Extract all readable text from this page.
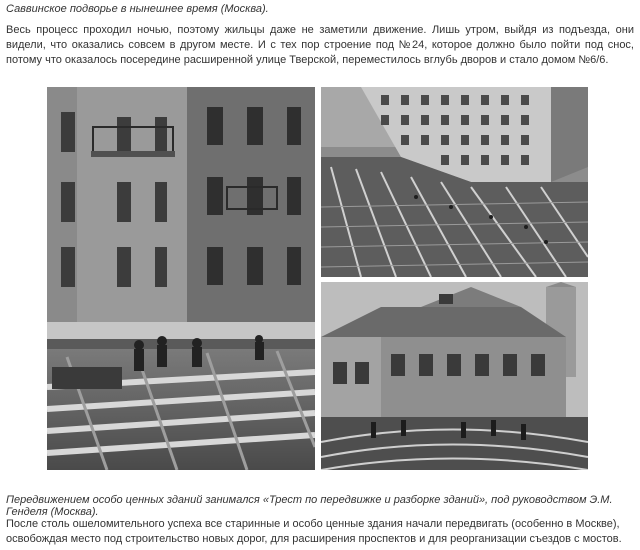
Саввинское подворье в нынешнее время (Москва).
Весь процесс проходил ночью, поэтому жильцы даже не заметили движение. Лишь утром, выйдя из подъезда, они видели, что оказались совсем в другом месте. И с тех пор строение под №24, которое должно было пойти под снос, потому что оказалось посередине расширенной улице Тверской, переместилось вглубь дворов и стало домом №6/6.
Передвижением особо ценных зданий занимался «Трест по передвижке и разборке зданий», под руководством Э.М. Генделя (Москва).
После столь ошеломительного успеха все старинные и особо ценные здания начали передвигать (особенно в Москве), освобождая место под строительство новых дорог, для расширения проспектов и для реорганизации съездов с мостов.
